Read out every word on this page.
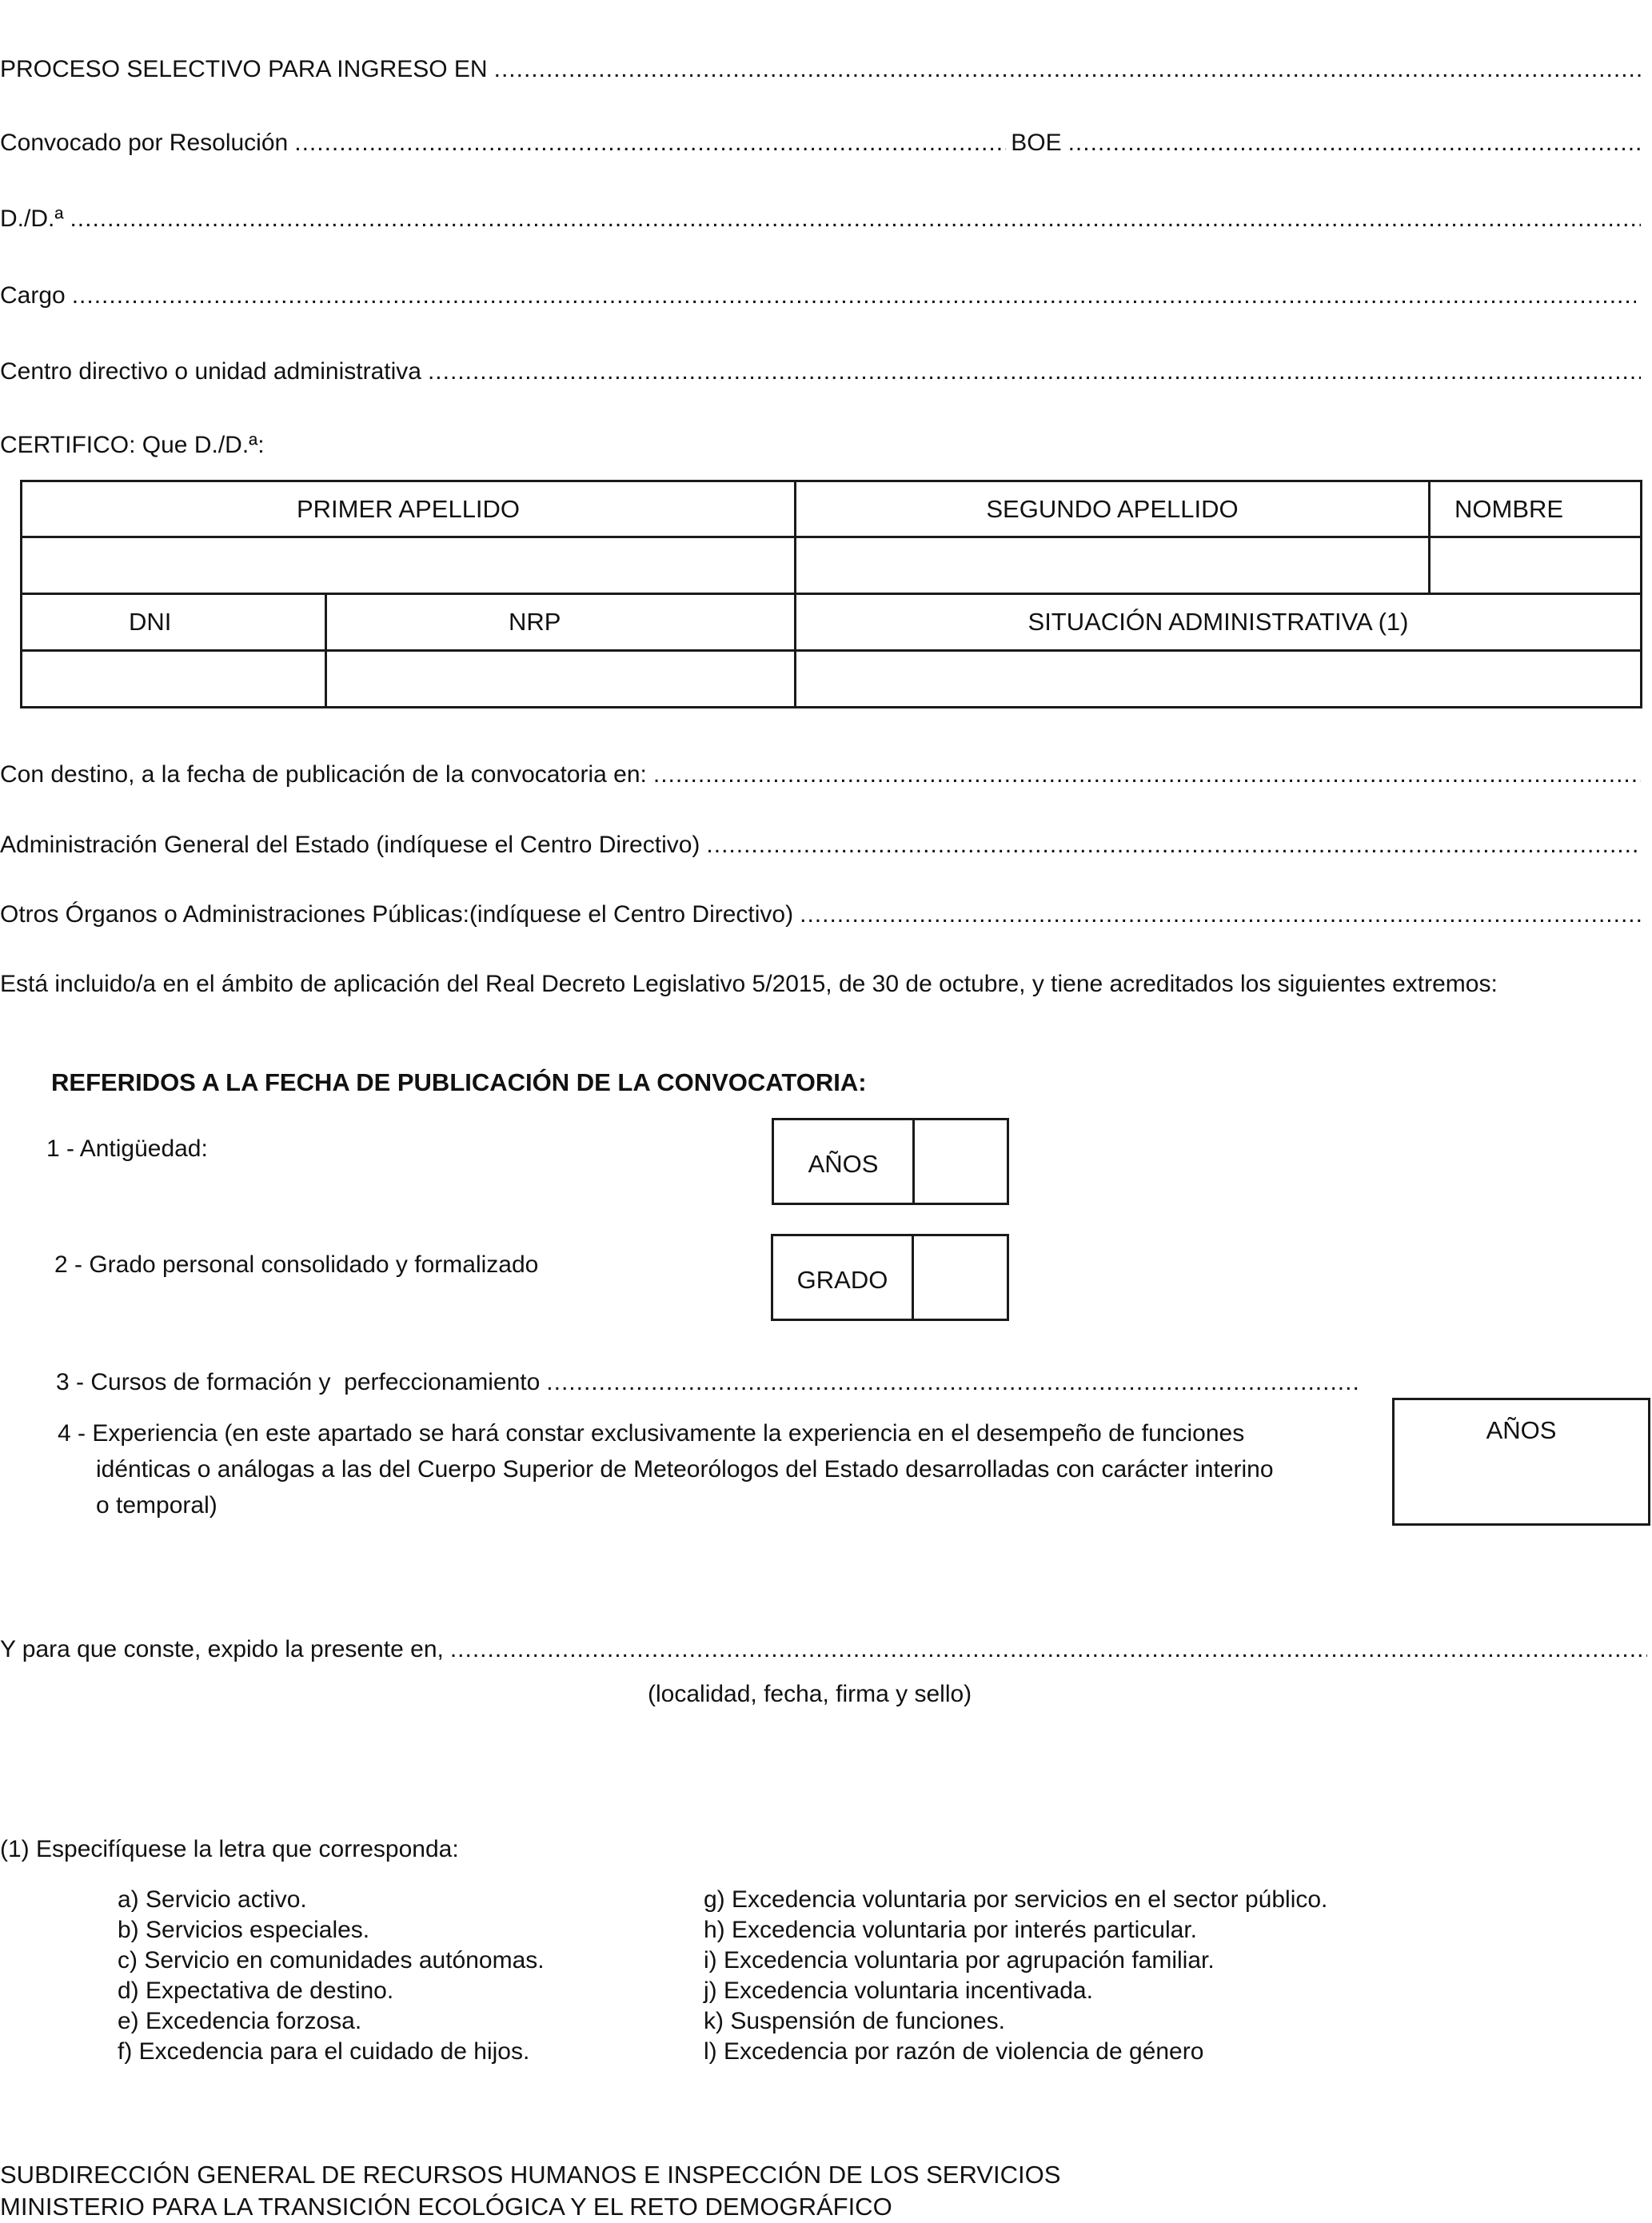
PROCESO SELECTIVO PARA INGRESO EN
.....
Convocado por Resolución .....	BOE
.....
D./D.ª
.....
Cargo
.....
Centro directivo o unidad administrativa
.....
CERTIFICO: Que D./D.ª:
PRIMER APELLIDO		SEGUNDO APELLIDO	NOMBRE

DNI	NRP	SITUACIÓN ADMINISTRATIVA (1)	

Con destino, a la fecha de publicación de la convocatoria en:
.....
Administración General del Estado (indíquese el Centro Directivo)
.....
Otros Órganos o Administraciones Públicas:(indíquese el Centro Directivo)
.....
Está incluido/a en el ámbito de aplicación del Real Decreto Legislativo 5/2015, de 30 de octubre, y tiene acreditados los siguientes extremos:
REFERIDOS A LA FECHA DE PUBLICACIÓN DE LA CONVOCATORIA:
1 - Antigüedad:
AÑOS
2 - Grado personal consolidado y formalizado
GRADO
3 - Cursos de formación y  perfeccionamiento
.....
4 - Experiencia (en este apartado se hará constar exclusivamente la experiencia en el desempeño de funciones
idénticas o análogas a las del Cuerpo Superior de Meteorólogos del Estado desarrolladas con carácter interino
o temporal)
AÑOS
Y para que conste, expido la presente en,
.....
(localidad, fecha, firma y sello)
(1) Especifíquese la letra que corresponda:
a) Servicio activo.
b) Servicios especiales.
c) Servicio en comunidades autónomas.
d) Expectativa de destino.
e) Excedencia forzosa.
f) Excedencia para el cuidado de hijos.
g) Excedencia voluntaria por servicios en el sector público.
h) Excedencia voluntaria por interés particular.
i) Excedencia voluntaria por agrupación familiar.
j) Excedencia voluntaria incentivada.
k) Suspensión de funciones.
l) Excedencia por razón de violencia de género
SUBDIRECCIÓN GENERAL DE RECURSOS HUMANOS E INSPECCIÓN DE LOS SERVICIOS
MINISTERIO PARA LA TRANSICIÓN ECOLÓGICA Y EL RETO DEMOGRÁFICO
